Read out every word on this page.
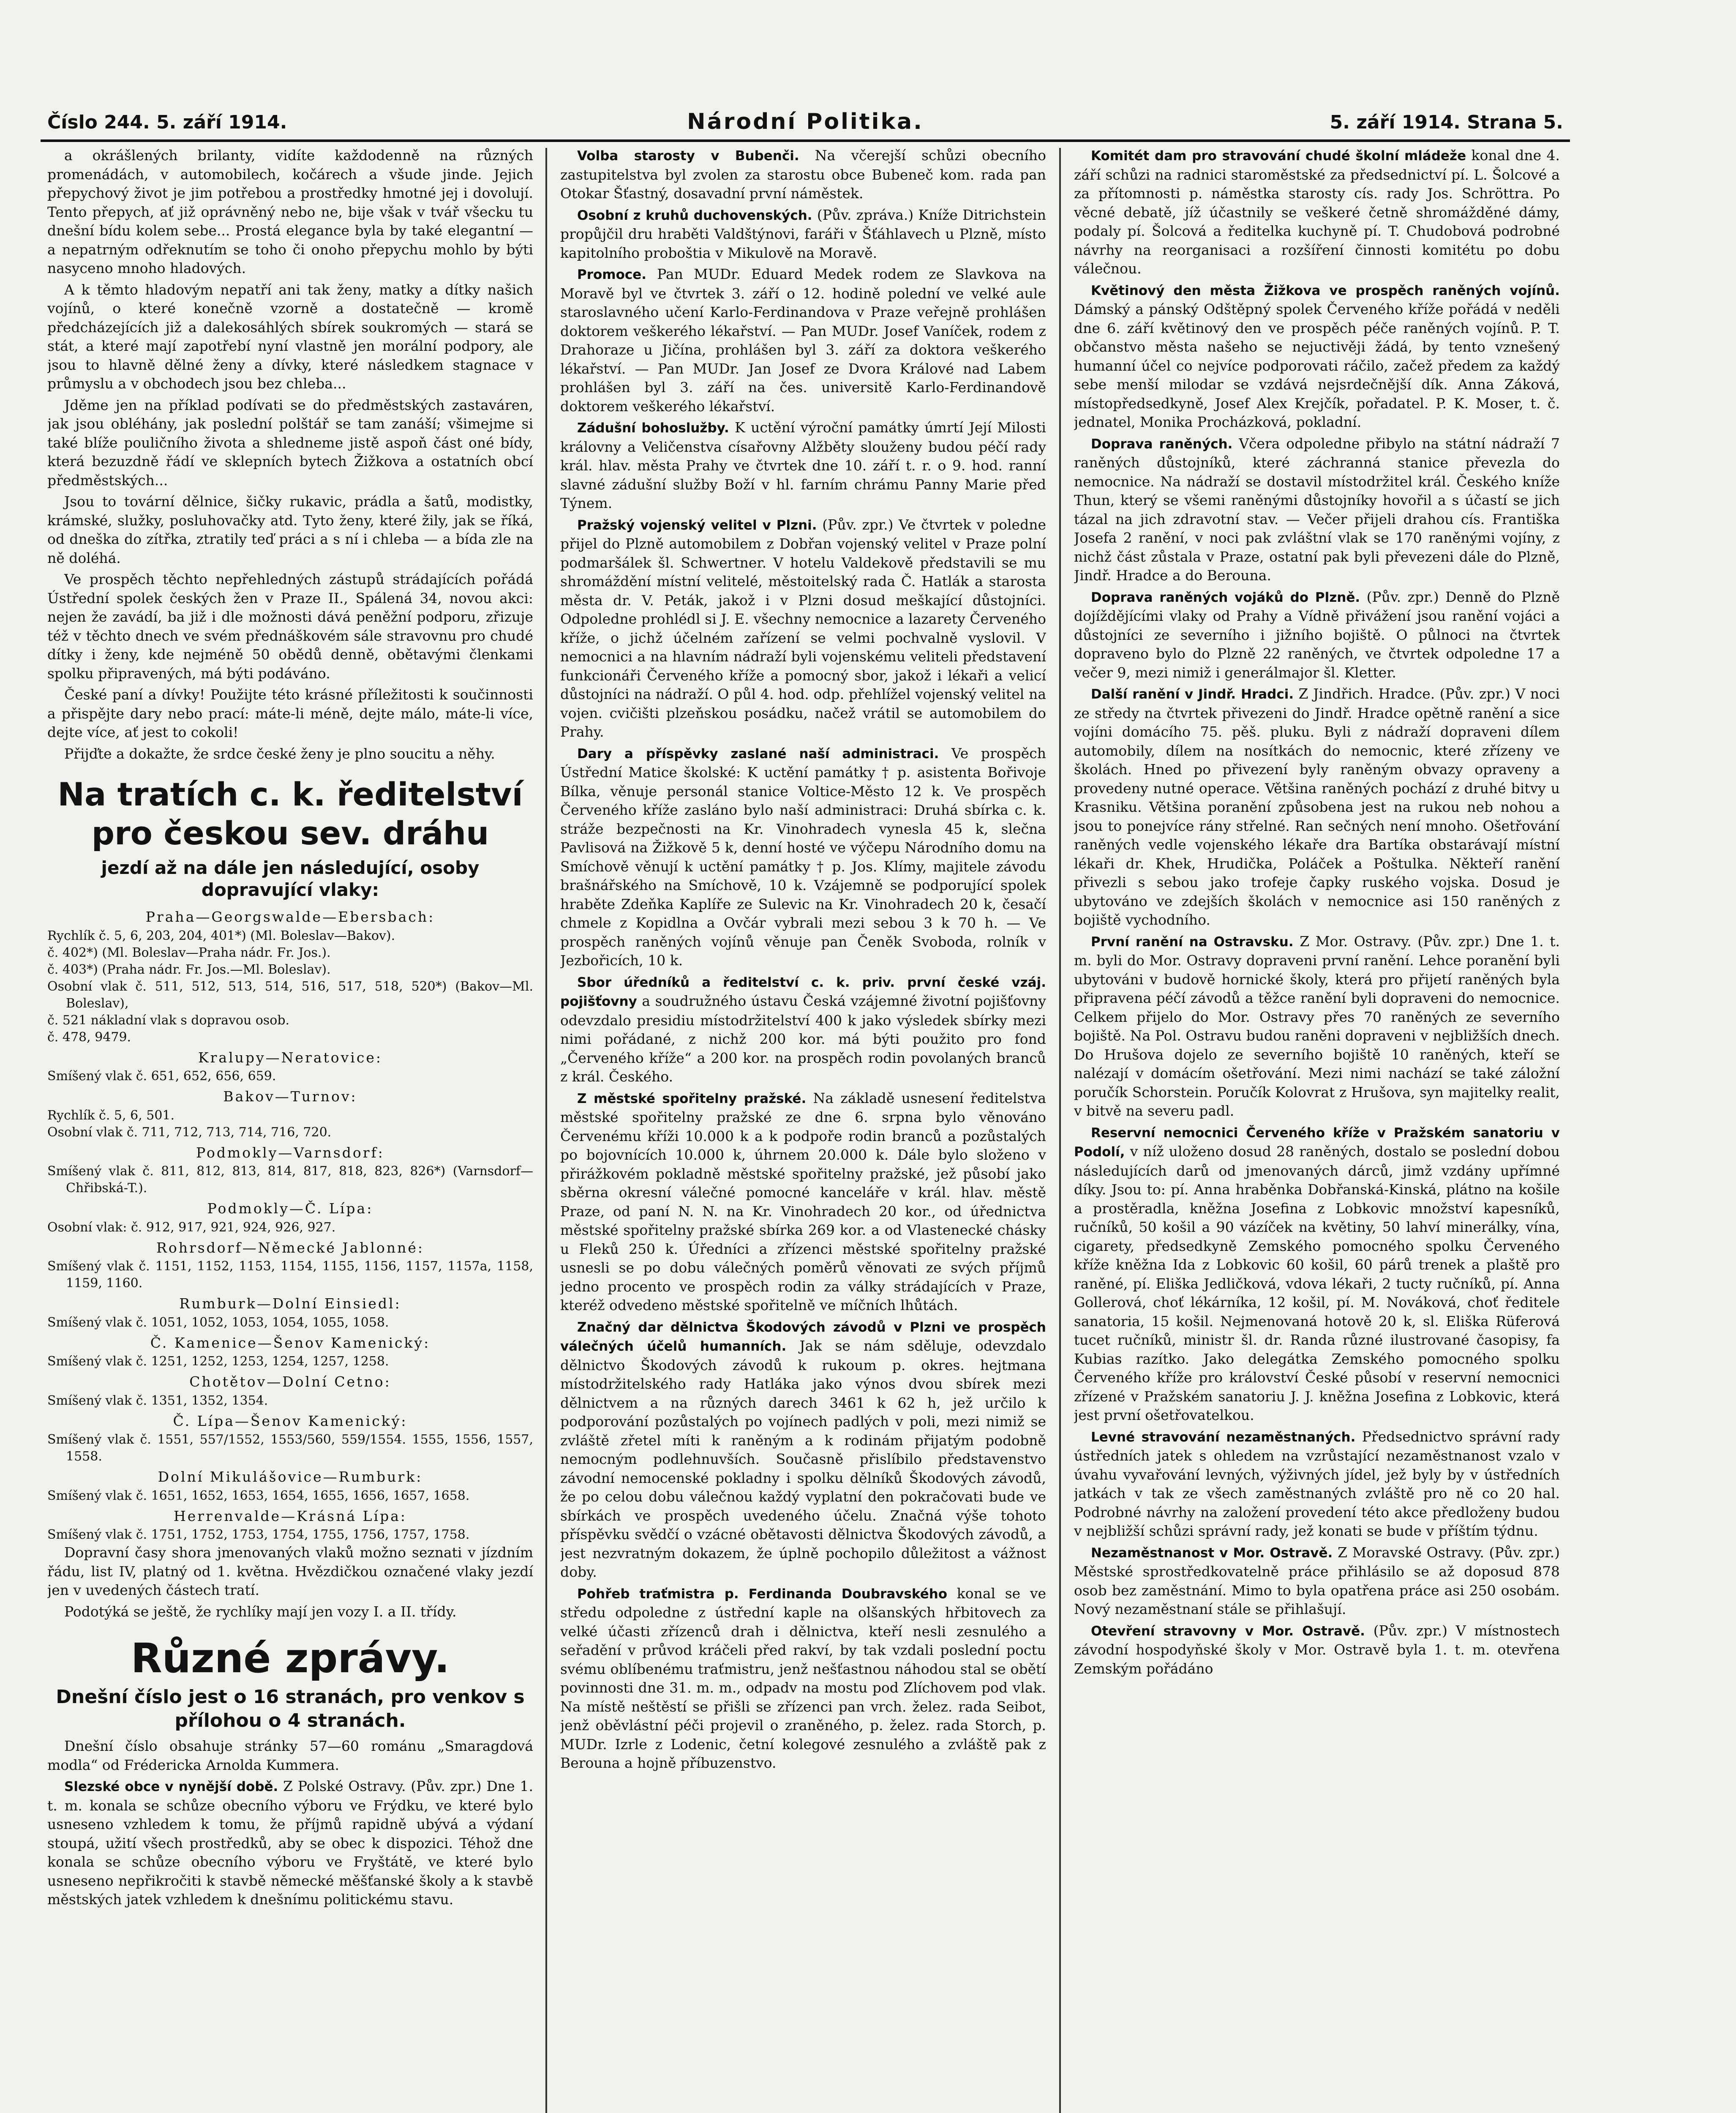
Číslo 244. 5. září 1914.	Národní Politika.	5. září 1914. Strana 5.

a okrášlených brilanty, vidíte každodenně na různých promenádách, v automobilech, kočárech a všude jinde. Jejich přepychový život je jim potřebou a prostředky hmotné jej i dovolují. Tento přepych, ať již oprávněný nebo ne, bije však v tvář všecku tu dnešní bídu kolem sebe... Prostá elegance byla by také elegantní — a nepatrným odřeknutím se toho či onoho přepychu mohlo by býti nasyceno mnoho hladových.

A k těmto hladovým nepatří ani tak ženy, matky a dítky našich vojínů, o které konečně vzorně a dostatečně — kromě předcházejících již a dalekosáhlých sbírek soukromých — stará se stát, a které mají zapotřebí nyní vlastně jen morální podpory, ale jsou to hlavně dělné ženy a dívky, které následkem stagnace v průmyslu a v obchodech jsou bez chleba...

Jděme jen na příklad podívati se do předměstských zastaváren, jak jsou obléhány, jak poslední polštář se tam zanáší; všimejme si také blíže pouličního života a shledneme jistě aspoň část oné bídy, která bezuzdně řádí ve sklepních bytech Žižkova a ostatních obcí předměstských...

Jsou to tovární dělnice, šičky rukavic, prádla a šatů, modistky, krámské, služky, posluhovačky atd. Tyto ženy, které žily, jak se říká, od dneška do zítřka, ztratily teď práci a s ní i chleba — a bída zle na ně doléhá.

Ve prospěch těchto nepřehledných zástupů strádajících pořádá Ústřední spolek českých žen v Praze II., Spálená 34, novou akci: nejen že zavádí, ba již i dle možnosti dává peněžní podporu, zřizuje též v těchto dnech ve svém přednáškovém sále stravovnu pro chudé dítky i ženy, kde nejméně 50 obědů denně, obětavými členkami spolku připravených, má býti podáváno.

České paní a dívky! Použijte této krásné příležitosti k součinnosti a přispějte dary nebo prací: máte-li méně, dejte málo, máte-li více, dejte více, ať jest to cokoli!

Přijďte a dokažte, že srdce české ženy je plno soucitu a něhy.

Na tratích c. k. ředitelství pro českou sev. dráhu
jezdí až na dále jen následující, osoby dopravující vlaky:
Praha—Georgswalde—Ebersbach:

Rychlík č. 5, 6, 203, 204, 401*) (Ml. Boleslav—Bakov).

č. 402*) (Ml. Boleslav—Praha nádr. Fr. Jos.).

č. 403*) (Praha nádr. Fr. Jos.—Ml. Boleslav).

Osobní vlak č. 511, 512, 513, 514, 516, 517, 518, 520*) (Bakov—Ml. Boleslav),

č. 521 nákladní vlak s dopravou osob.

č. 478, 9479.

Kralupy—Neratovice:

Smíšený vlak č. 651, 652, 656, 659.

Bakov—Turnov:

Rychlík č. 5, 6, 501.

Osobní vlak č. 711, 712, 713, 714, 716, 720.

Podmokly—Varnsdorf:

Smíšený vlak č. 811, 812, 813, 814, 817, 818, 823, 826*) (Varnsdorf—Chřibská-T.).

Podmokly—Č. Lípa:

Osobní vlak: č. 912, 917, 921, 924, 926, 927.

Rohrsdorf—Německé Jablonné:

Smíšený vlak č. 1151, 1152, 1153, 1154, 1155, 1156, 1157, 1157a, 1158, 1159, 1160.

Rumburk—Dolní Einsiedl:

Smíšený vlak č. 1051, 1052, 1053, 1054, 1055, 1058.

Č. Kamenice—Šenov Kamenický:

Smíšený vlak č. 1251, 1252, 1253, 1254, 1257, 1258.

Chotětov—Dolní Cetno:

Smíšený vlak č. 1351, 1352, 1354.

Č. Lípa—Šenov Kamenický:

Smíšený vlak č. 1551, 557/1552, 1553/560, 559/1554. 1555, 1556, 1557, 1558.

Dolní Mikulášovice—Rumburk:

Smíšený vlak č. 1651, 1652, 1653, 1654, 1655, 1656, 1657, 1658.

Herrenvalde—Krásná Lípa:

Smíšený vlak č. 1751, 1752, 1753, 1754, 1755, 1756, 1757, 1758.

Dopravní časy shora jmenovaných vlaků možno seznati v jízdním řádu, list IV, platný od 1. května. Hvězdičkou označené vlaky jezdí jen v uvedených částech tratí.

Podotýká se ještě, že rychlíky mají jen vozy I. a II. třídy.

Různé zprávy.
Dnešní číslo jest o 16 stranách, pro venkov s přílohou o 4 stranách.

Dnešní číslo obsahuje stránky 57—60 románu „Smaragdová modla“ od Frédericka Arnolda Kummera.

Slezské obce v nynější době. Z Polské Ostravy. (Pův. zpr.) Dne 1. t. m. konala se schůze obecního výboru ve Frýdku, ve které bylo usneseno vzhledem k tomu, že příjmů rapidně ubývá a výdaní stoupá, užití všech prostředků, aby se obec k dispozici. Téhož dne konala se schůze obecního výboru ve Fryštátě, ve které bylo usneseno nepřikročiti k stavbě německé měšťanské školy a k stavbě městských jatek vzhledem k dnešnímu politickému stavu.

Volba starosty v Bubenči. Na včerejší schůzi obecního zastupitelstva byl zvolen za starostu obce Bubeneč kom. rada pan Otokar Šťastný, dosavadní první náměstek.

Osobní z kruhů duchovenských. (Pův. zpráva.) Kníže Ditrichstein propůjčil dru hraběti Valdštýnovi, faráři v Šťáhlavech u Plzně, místo kapitolního proboštia v Mikulově na Moravě.

Promoce. Pan MUDr. Eduard Medek rodem ze Slavkova na Moravě byl ve čtvrtek 3. září o 12. hodině polední ve velké aule staroslavného učení Karlo-Ferdinandova v Praze veřejně prohlášen doktorem veškerého lékařství. — Pan MUDr. Josef Vaníček, rodem z Drahoraze u Jičína, prohlášen byl 3. září za doktora veškerého lékařství. — Pan MUDr. Jan Josef ze Dvora Králové nad Labem prohlášen byl 3. září na čes. universitě Karlo-Ferdinandově doktorem veškerého lékařství.

Zádušní bohoslužby. K uctění výroční památky úmrtí Její Milosti královny a Veličenstva císařovny Alžběty slouženy budou péčí rady král. hlav. města Prahy ve čtvrtek dne 10. září t. r. o 9. hod. ranní slavné zádušní služby Boží v hl. farním chrámu Panny Marie před Týnem.

Pražský vojenský velitel v Plzni. (Pův. zpr.) Ve čtvrtek v poledne přijel do Plzně automobilem z Dobřan vojenský velitel v Praze polní podmaršálek šl. Schwertner. V hotelu Valdekově představili se mu shromáždění místní velitelé, městoitelský rada Č. Hatlák a starosta města dr. V. Peták, jakož i v Plzni dosud meškající důstojníci. Odpoledne prohlédl si J. E. všechny nemocnice a lazarety Červeného kříže, o jichž účelném zařízení se velmi pochvalně vyslovil. V nemocnici a na hlavním nádraží byli vojenskému veliteli představení funkcionáři Červeného kříže a pomocný sbor, jakož i lékaři a velicí důstojníci na nádraží. O půl 4. hod. odp. přehlížel vojenský velitel na vojen. cvičišti plzeňskou posádku, načež vrátil se automobilem do Prahy.

Dary a příspěvky zaslané naší administraci. Ve prospěch Ústřední Matice školské: K uctění památky † p. asistenta Bořivoje Bílka, věnuje personál stanice Voltice-Město 12 k. Ve prospěch Červeného kříže zasláno bylo naší administraci: Druhá sbírka c. k. stráže bezpečnosti na Kr. Vinohradech vynesla 45 k, slečna Pavlisová na Žižkově 5 k, denní hosté ve výčepu Národního domu na Smíchově věnují k uctění památky † p. Jos. Klímy, majitele závodu brašnářského na Smíchově, 10 k. Vzájemně se podporující spolek hraběte Zdeňka Kaplíře ze Sulevic na Kr. Vinohradech 20 k, česačí chmele z Kopidlna a Ovčár vybrali mezi sebou 3 k 70 h. — Ve prospěch raněných vojínů věnuje pan Čeněk Svoboda, rolník v Jezbořicích, 10 k.

Sbor úředníků a ředitelství c. k. priv. první české vzáj. pojišťovny a soudružného ústavu Česká vzájemné životní pojišťovny odevzdalo presidiu místodržitelství 400 k jako výsledek sbírky mezi nimi pořádané, z nichž 200 kor. má býti použito pro fond „Červeného kříže“ a 200 kor. na prospěch rodin povolaných branců z král. Českého.

Z městské spořitelny pražské. Na základě usnesení ředitelstva městské spořitelny pražské ze dne 6. srpna bylo věnováno Červenému kříži 10.000 k a k podpoře rodin branců a pozůstalých po bojovnících 10.000 k, úhrnem 20.000 k. Dále bylo složeno v přirážkovém pokladně městské spořitelny pražské, jež působí jako sběrna okresní válečné pomocné kanceláře v král. hlav. městě Praze, od paní N. N. na Kr. Vinohradech 20 kor., od úřednictva městské spořitelny pražské sbírka 269 kor. a od Vlastenecké chásky u Fleků 250 k. Úředníci a zřízenci městské spořitelny pražské usnesli se po dobu válečných poměrů věnovati ze svých příjmů jedno procento ve prospěch rodin za války strádajících v Praze, kteréž odvedeno městské spořitelně ve míčních lhůtách.

Značný dar dělnictva Škodových závodů v Plzni ve prospěch válečných účelů humanních. Jak se nám sděluje, odevzdalo dělnictvo Škodových závodů k rukoum p. okres. hejtmana místodržitelského rady Hatláka jako výnos dvou sbírek mezi dělnictvem a na různých darech 3461 k 62 h, jež určilo k podporování pozůstalých po vojínech padlých v poli, mezi nimiž se zvláště zřetel míti k raněným a k rodinám přijatým podobně nemocným podlehnuvších. Současně přislíbilo představenstvo závodní nemocenské pokladny i spolku dělníků Škodových závodů, že po celou dobu válečnou každý vyplatní den pokračovati bude ve sbírkách ve prospěch uvedeného účelu. Značná výše tohoto příspěvku svědčí o vzácné obětavosti dělnictva Škodových závodů, a jest nezvratným dokazem, že úplně pochopilo důležitost a vážnost doby.

Pohřeb traťmistra p. Ferdinanda Doubravského konal se ve středu odpoledne z ústřední kaple na olšanských hřbitovech za velké účasti zřízenců drah i dělnictva, kteří nesli zesnulého a seřadění v průvod kráčeli před rakví, by tak vzdali poslední poctu svému oblíbenému traťmistru, jenž nešťastnou náhodou stal se obětí povinnosti dne 31. m. m., odpadv na mostu pod Zlíchovem pod vlak. Na místě neštěstí se přišli se zřízenci pan vrch. želez. rada Seibot, jenž oběvlástní péči projevil o zraněného, p. želez. rada Storch, p. MUDr. Izrle z Lodenic, četní kolegové zesnulého a zvláště pak z Berouna a hojně příbuzenstvo.

Komitét dam pro stravování chudé školní mládeže konal dne 4. září schůzi na radnici staroměstské za předsednictví pí. L. Šolcové a za přítomnosti p. náměstka starosty cís. rady Jos. Schröttra. Po věcné debatě, jíž účastnily se veškeré četně shromážděné dámy, podaly pí. Šolcová a ředitelka kuchyně pí. T. Chudobová podrobné návrhy na reorganisaci a rozšíření činnosti komitétu po dobu válečnou.

Květinový den města Žižkova ve prospěch raněných vojínů. Dámský a pánský Odštěpný spolek Červeného kříže pořádá v neděli dne 6. září květinový den ve prospěch péče raněných vojínů. P. T. občanstvo města našeho se nejuctivěji žádá, by tento vznešený humanní účel co nejvíce podporovati ráčilo, začež předem za každý sebe menší milodar se vzdává nejsrdečnější dík. Anna Záková, místopředsedkyně, Josef Alex Krejčík, pořadatel. P. K. Moser, t. č. jednatel, Monika Procházková, pokladní.

Doprava raněných. Včera odpoledne přibylo na státní nádraží 7 raněných důstojníků, které záchranná stanice převezla do nemocnice. Na nádraží se dostavil místodržitel král. Českého kníže Thun, který se všemi raněnými důstojníky hovořil a s účastí se jich tázal na jich zdravotní stav. — Večer přijeli drahou cís. Františka Josefa 2 ranění, v noci pak zvláštní vlak se 170 raněnými vojíny, z nichž část zůstala v Praze, ostatní pak byli převezeni dále do Plzně, Jindř. Hradce a do Berouna.

Doprava raněných vojáků do Plzně. (Pův. zpr.) Denně do Plzně dojíždějícími vlaky od Prahy a Vídně přivážení jsou ranění vojáci a důstojníci ze severního i jižního bojiště. O půlnoci na čtvrtek dopraveno bylo do Plzně 22 raněných, ve čtvrtek odpoledne 17 a večer 9, mezi nimiž i generálmajor šl. Kletter.

Další ranění v Jindř. Hradci. Z Jindřich. Hradce. (Pův. zpr.) V noci ze středy na čtvrtek přivezeni do Jindř. Hradce opětně ranění a sice vojíni domácího 75. pěš. pluku. Byli z nádraží dopraveni dílem automobily, dílem na nosítkách do nemocnic, které zřízeny ve školách. Hned po přivezení byly raněným obvazy opraveny a provedeny nutné operace. Většina raněných pochází z druhé bitvy u Krasniku. Většina poranění způsobena jest na rukou neb nohou a jsou to ponejvíce rány střelné. Ran sečných není mnoho. Ošetřování raněných vedle vojenského lékaře dra Bartíka obstarávají místní lékaři dr. Khek, Hrudička, Poláček a Poštulka. Někteří ranění přivezli s sebou jako trofeje čapky ruského vojska. Dosud je ubytováno ve zdejších školách v nemocnice asi 150 raněných z bojiště vychodního.

První ranění na Ostravsku. Z Mor. Ostravy. (Pův. zpr.) Dne 1. t. m. byli do Mor. Ostravy dopraveni první ranění. Lehce poranění byli ubytováni v budově hornické školy, která pro přijetí raněných byla připravena péčí závodů a těžce ranění byli dopraveni do nemocnice. Celkem přijelo do Mor. Ostravy přes 70 raněných ze severního bojiště. Na Pol. Ostravu budou raněni dopraveni v nejbližších dnech. Do Hrušova dojelo ze severního bojiště 10 raněných, kteří se nalézají v domácím ošetřování. Mezi nimi nachází se také záložní poručík Schorstein. Poručík Kolovrat z Hrušova, syn majitelky realit, v bitvě na severu padl.

Reservní nemocnici Červeného kříže v Pražském sanatoriu v Podolí, v níž uloženo dosud 28 raněných, dostalo se poslední dobou následujících darů od jmenovaných dárců, jimž vzdány upřímné díky. Jsou to: pí. Anna hraběnka Dobřanská-Kinská, plátno na košile a prostěradla, kněžna Josefina z Lobkovic množství kapesníků, ručníků, 50 košil a 90 vázíček na květiny, 50 lahví minerálky, vína, cigarety, předsedkyně Zemského pomocného spolku Červeného kříže kněžna Ida z Lobkovic 60 košil, 60 párů trenek a plaště pro raněné, pí. Eliška Jedličková, vdova lékaři, 2 tucty ručníků, pí. Anna Gollerová, choť lékárníka, 12 košil, pí. M. Nováková, choť ředitele sanatoria, 15 košil. Nejmenovaná hotově 20 k, sl. Eliška Rüferová tucet ručníků, ministr šl. dr. Randa různé ilustrované časopisy, fa Kubias razítko. Jako delegátka Zemského pomocného spolku Červeného kříže pro království České působí v reservní nemocnici zřízené v Pražském sanatoriu J. J. kněžna Josefina z Lobkovic, která jest první ošetřovatelkou.

Levné stravování nezaměstnaných. Předsednictvo správní rady ústředních jatek s ohledem na vzrůstající nezaměstnanost vzalo v úvahu vyvařování levných, výživných jídel, jež byly by v ústředních jatkách v tak ze všech zaměstnaných zvláště pro ně co 20 hal. Podrobné návrhy na založení provedení této akce předloženy budou v nejbližší schůzi správní rady, jež konati se bude v příštím týdnu.

Nezaměstnanost v Mor. Ostravě. Z Moravské Ostravy. (Pův. zpr.) Městské sprostředkovatelně práce přihlásilo se až doposud 878 osob bez zaměstnání. Mimo to byla opatřena práce asi 250 osobám. Nový nezaměstnaní stále se přihlašují.

Otevření stravovny v Mor. Ostravě. (Pův. zpr.) V místnostech závodní hospodyňské školy v Mor. Ostravě byla 1. t. m. otevřena Zemským pořádáno
